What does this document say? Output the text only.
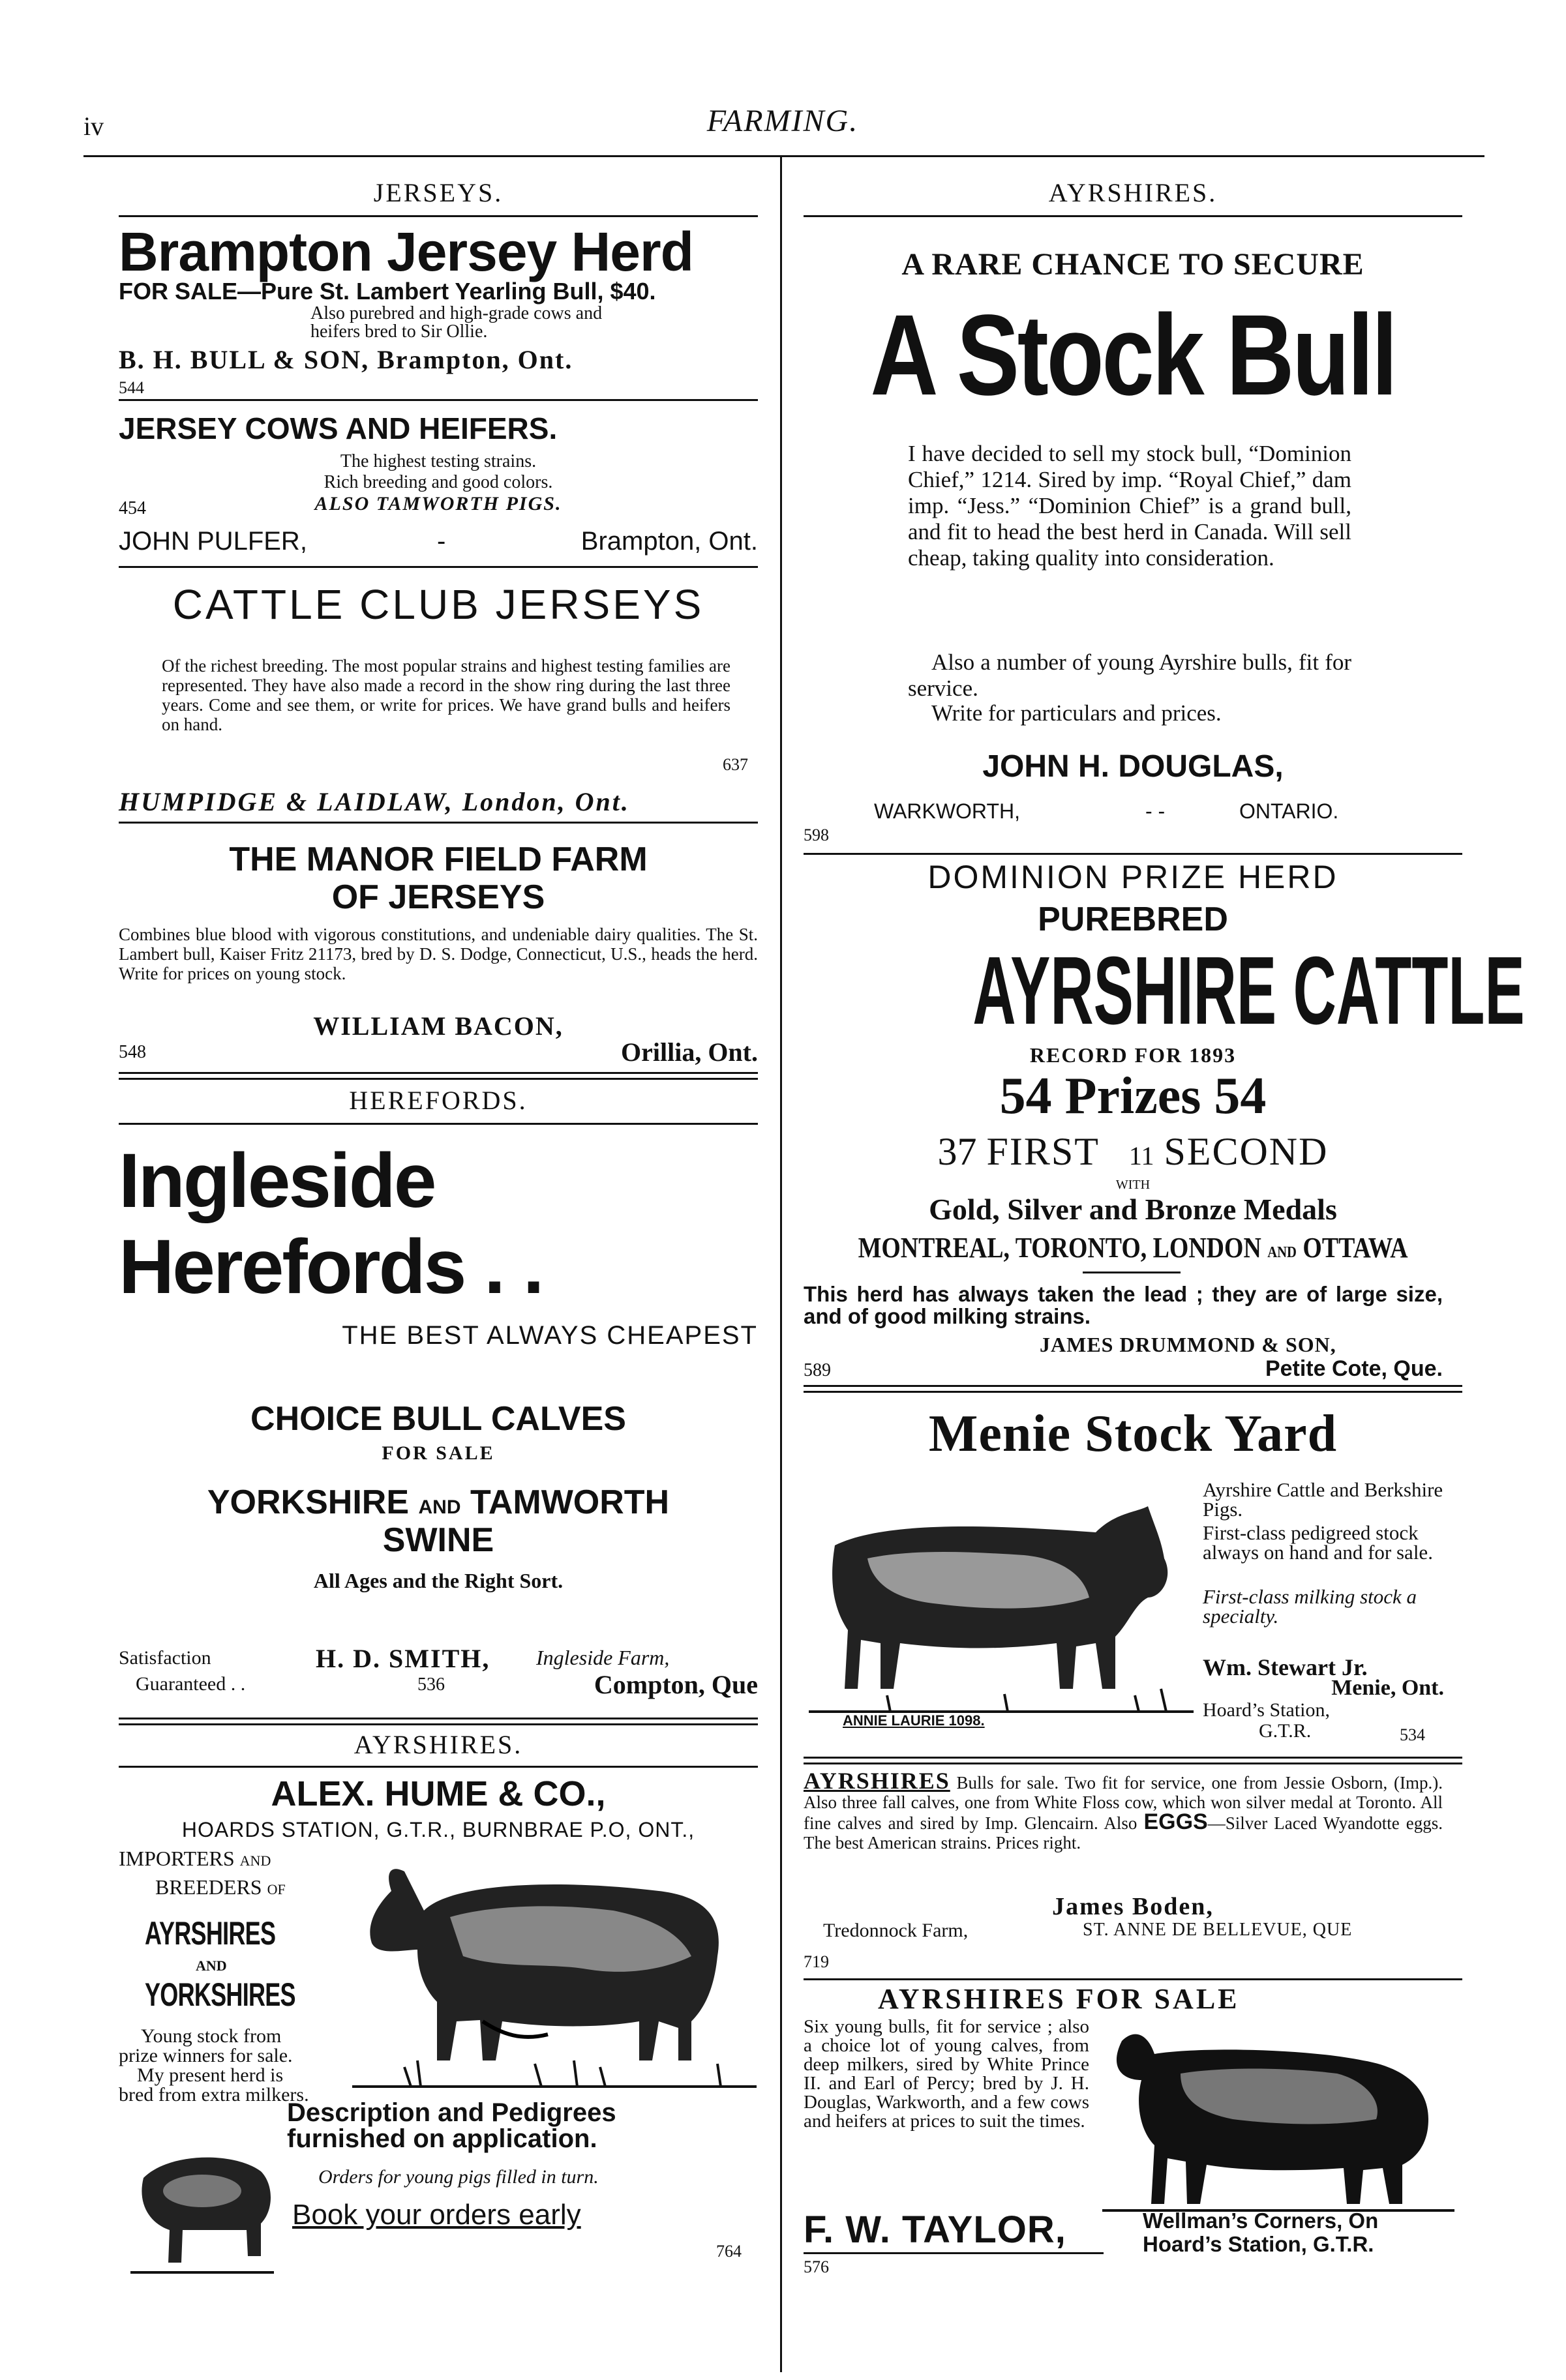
iv	FARMING.
JERSEYS.
Brampton Jersey Herd
FOR SALE—Pure St. Lambert Yearling Bull, $40.
Also purebred and high-grade cows and
heifers bred to Sir Ollie.
B. H. BULL & SON, Brampton, Ont.
544
JERSEY COWS AND HEIFERS.
The highest testing strains.
Rich breeding and good colors.
454	ALSO TAMWORTH PIGS.
JOHN PULFER,	-	Brampton, Ont.
CATTLE CLUB JERSEYS
Of the richest breeding. The most popular strains and highest testing families are represented. They have also made a record in the show ring during the last three years. Come and see them, or write for prices. We have grand bulls and heifers on hand.
637
HUMPIDGE & LAIDLAW, London, Ont.
THE MANOR FIELD FARM
OF JERSEYS
Combines blue blood with vigorous constitutions, and undeniable dairy qualities. The St. Lambert bull, Kaiser Fritz 21173, bred by D. S. Dodge, Connecticut, U.S., heads the herd. Write for prices on young stock.
WILLIAM BACON,
548	Orillia, Ont.
HEREFORDS.
Ingleside
Herefords . .
THE BEST ALWAYS CHEAPEST
CHOICE BULL CALVES
FOR SALE
YORKSHIRE AND TAMWORTH
SWINE
All Ages and the Right Sort.
Satisfaction
Guaranteed . .
H. D. SMITH, Ingleside Farm,
536	Compton, Que
AYRSHIRES.
ALEX. HUME & CO.,
HOARDS STATION, G.T.R., BURNBRAE P.O, ONT.,
IMPORTERS and
BREEDERS of
AYRSHIRES
AND
YORKSHIRES
Young stock from
prize winners for sale.
My present herd is
bred from extra milkers.
Description and Pedigrees
furnished on application.
Orders for young pigs filled in turn.
Book your orders early
764
AYRSHIRES.
A RARE CHANCE TO SECURE
A Stock Bull
I have decided to sell my stock bull, “Dominion Chief,” 1214. Sired by imp. “Royal Chief,” dam imp. “Jess.” “Dominion Chief” is a grand bull, and fit to head the best herd in Canada. Will sell cheap, taking quality into consideration.
Also a number of young Ayrshire bulls, fit for service.
Write for particulars and prices.
JOHN H. DOUGLAS,
WARKWORTH,	- -	ONTARIO.
598
DOMINION PRIZE HERD
PUREBRED
AYRSHIRE CATTLE
RECORD FOR 1893
54 Prizes 54
37 FIRST 11 SECOND
WITH
Gold, Silver and Bronze Medals
MONTREAL, TORONTO, LONDON AND OTTAWA
This herd has always taken the lead ; they are of large size, and of good milking strains.
JAMES DRUMMOND & SON,
589	Petite Cote, Que.
Menie Stock Yard
ANNIE LAURIE 1098.
Ayrshire Cattle and Berkshire Pigs.
First-class pedigreed stock always on hand and for sale.
First-class milking stock a specialty.
Wm. Stewart Jr.
Menie, Ont.
Hoard’s Station,
G.T.R.	534
AYRSHIRES Bulls for sale. Two fit for service, one from Jessie Osborn, (Imp.). Also three fall calves, one from White Floss cow, which won silver medal at Toronto. All fine calves and sired by Imp. Glencairn. Also EGGS—Silver Laced Wyandotte eggs. The best American strains. Prices right.
James Boden,
Tredonnock Farm,	ST. ANNE DE BELLEVUE, QUE
719
AYRSHIRES FOR SALE
Six young bulls, fit for service ; also a choice lot of young calves, from deep milkers, sired by White Prince II. and Earl of Percy; bred by J. H. Douglas, Warkworth, and a few cows and heifers at prices to suit the times.
F. W. TAYLOR,	Wellman’s Corners, On
Hoard’s Station, G.T.R.
576
